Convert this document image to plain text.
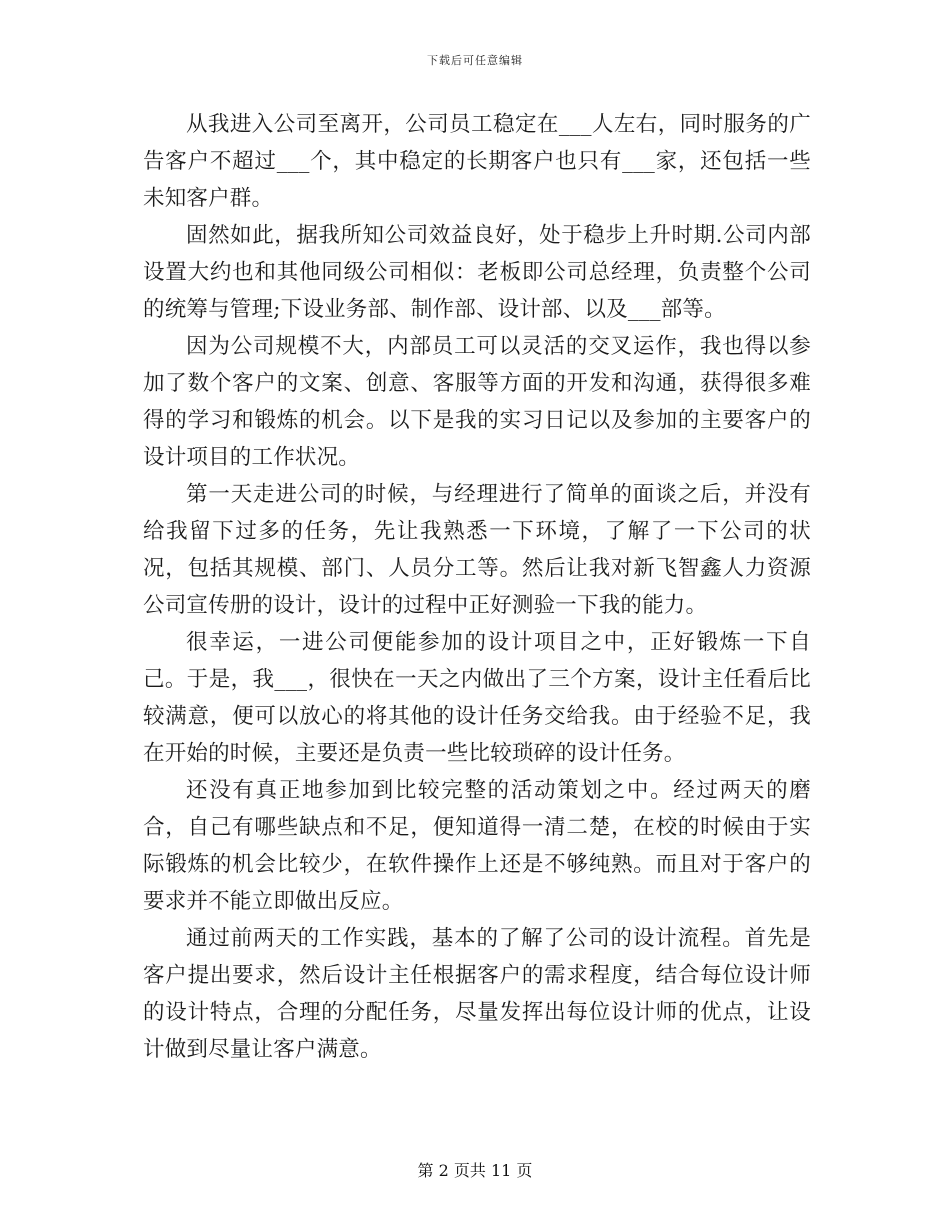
下载后可任意编辑

从我进入公司至离开，公司员工稳定在___人左右，同时服务的广告客户不超过___个，其中稳定的长期客户也只有___家，还包括一些未知客户群。

固然如此，据我所知公司效益良好，处于稳步上升时期.公司内部设置大约也和其他同级公司相似：老板即公司总经理，负责整个公司的统筹与管理;下设业务部、制作部、设计部、以及___部等。

因为公司规模不大，内部员工可以灵活的交叉运作，我也得以参加了数个客户的文案、创意、客服等方面的开发和沟通，获得很多难得的学习和锻炼的机会。以下是我的实习日记以及参加的主要客户的设计项目的工作状况。

第一天走进公司的时候，与经理进行了简单的面谈之后，并没有给我留下过多的任务，先让我熟悉一下环境，了解了一下公司的状况，包括其规模、部门、人员分工等。然后让我对新飞智鑫人力资源公司宣传册的设计，设计的过程中正好测验一下我的能力。

很幸运，一进公司便能参加的设计项目之中，正好锻炼一下自己。于是，我___，很快在一天之内做出了三个方案，设计主任看后比较满意，便可以放心的将其他的设计任务交给我。由于经验不足，我在开始的时候，主要还是负责一些比较琐碎的设计任务。

还没有真正地参加到比较完整的活动策划之中。经过两天的磨合，自己有哪些缺点和不足，便知道得一清二楚，在校的时候由于实际锻炼的机会比较少，在软件操作上还是不够纯熟。而且对于客户的要求并不能立即做出反应。

通过前两天的工作实践，基本的了解了公司的设计流程。首先是客户提出要求，然后设计主任根据客户的需求程度，结合每位设计师的设计特点，合理的分配任务，尽量发挥出每位设计师的优点，让设计做到尽量让客户满意。

第 2 页共 11 页
